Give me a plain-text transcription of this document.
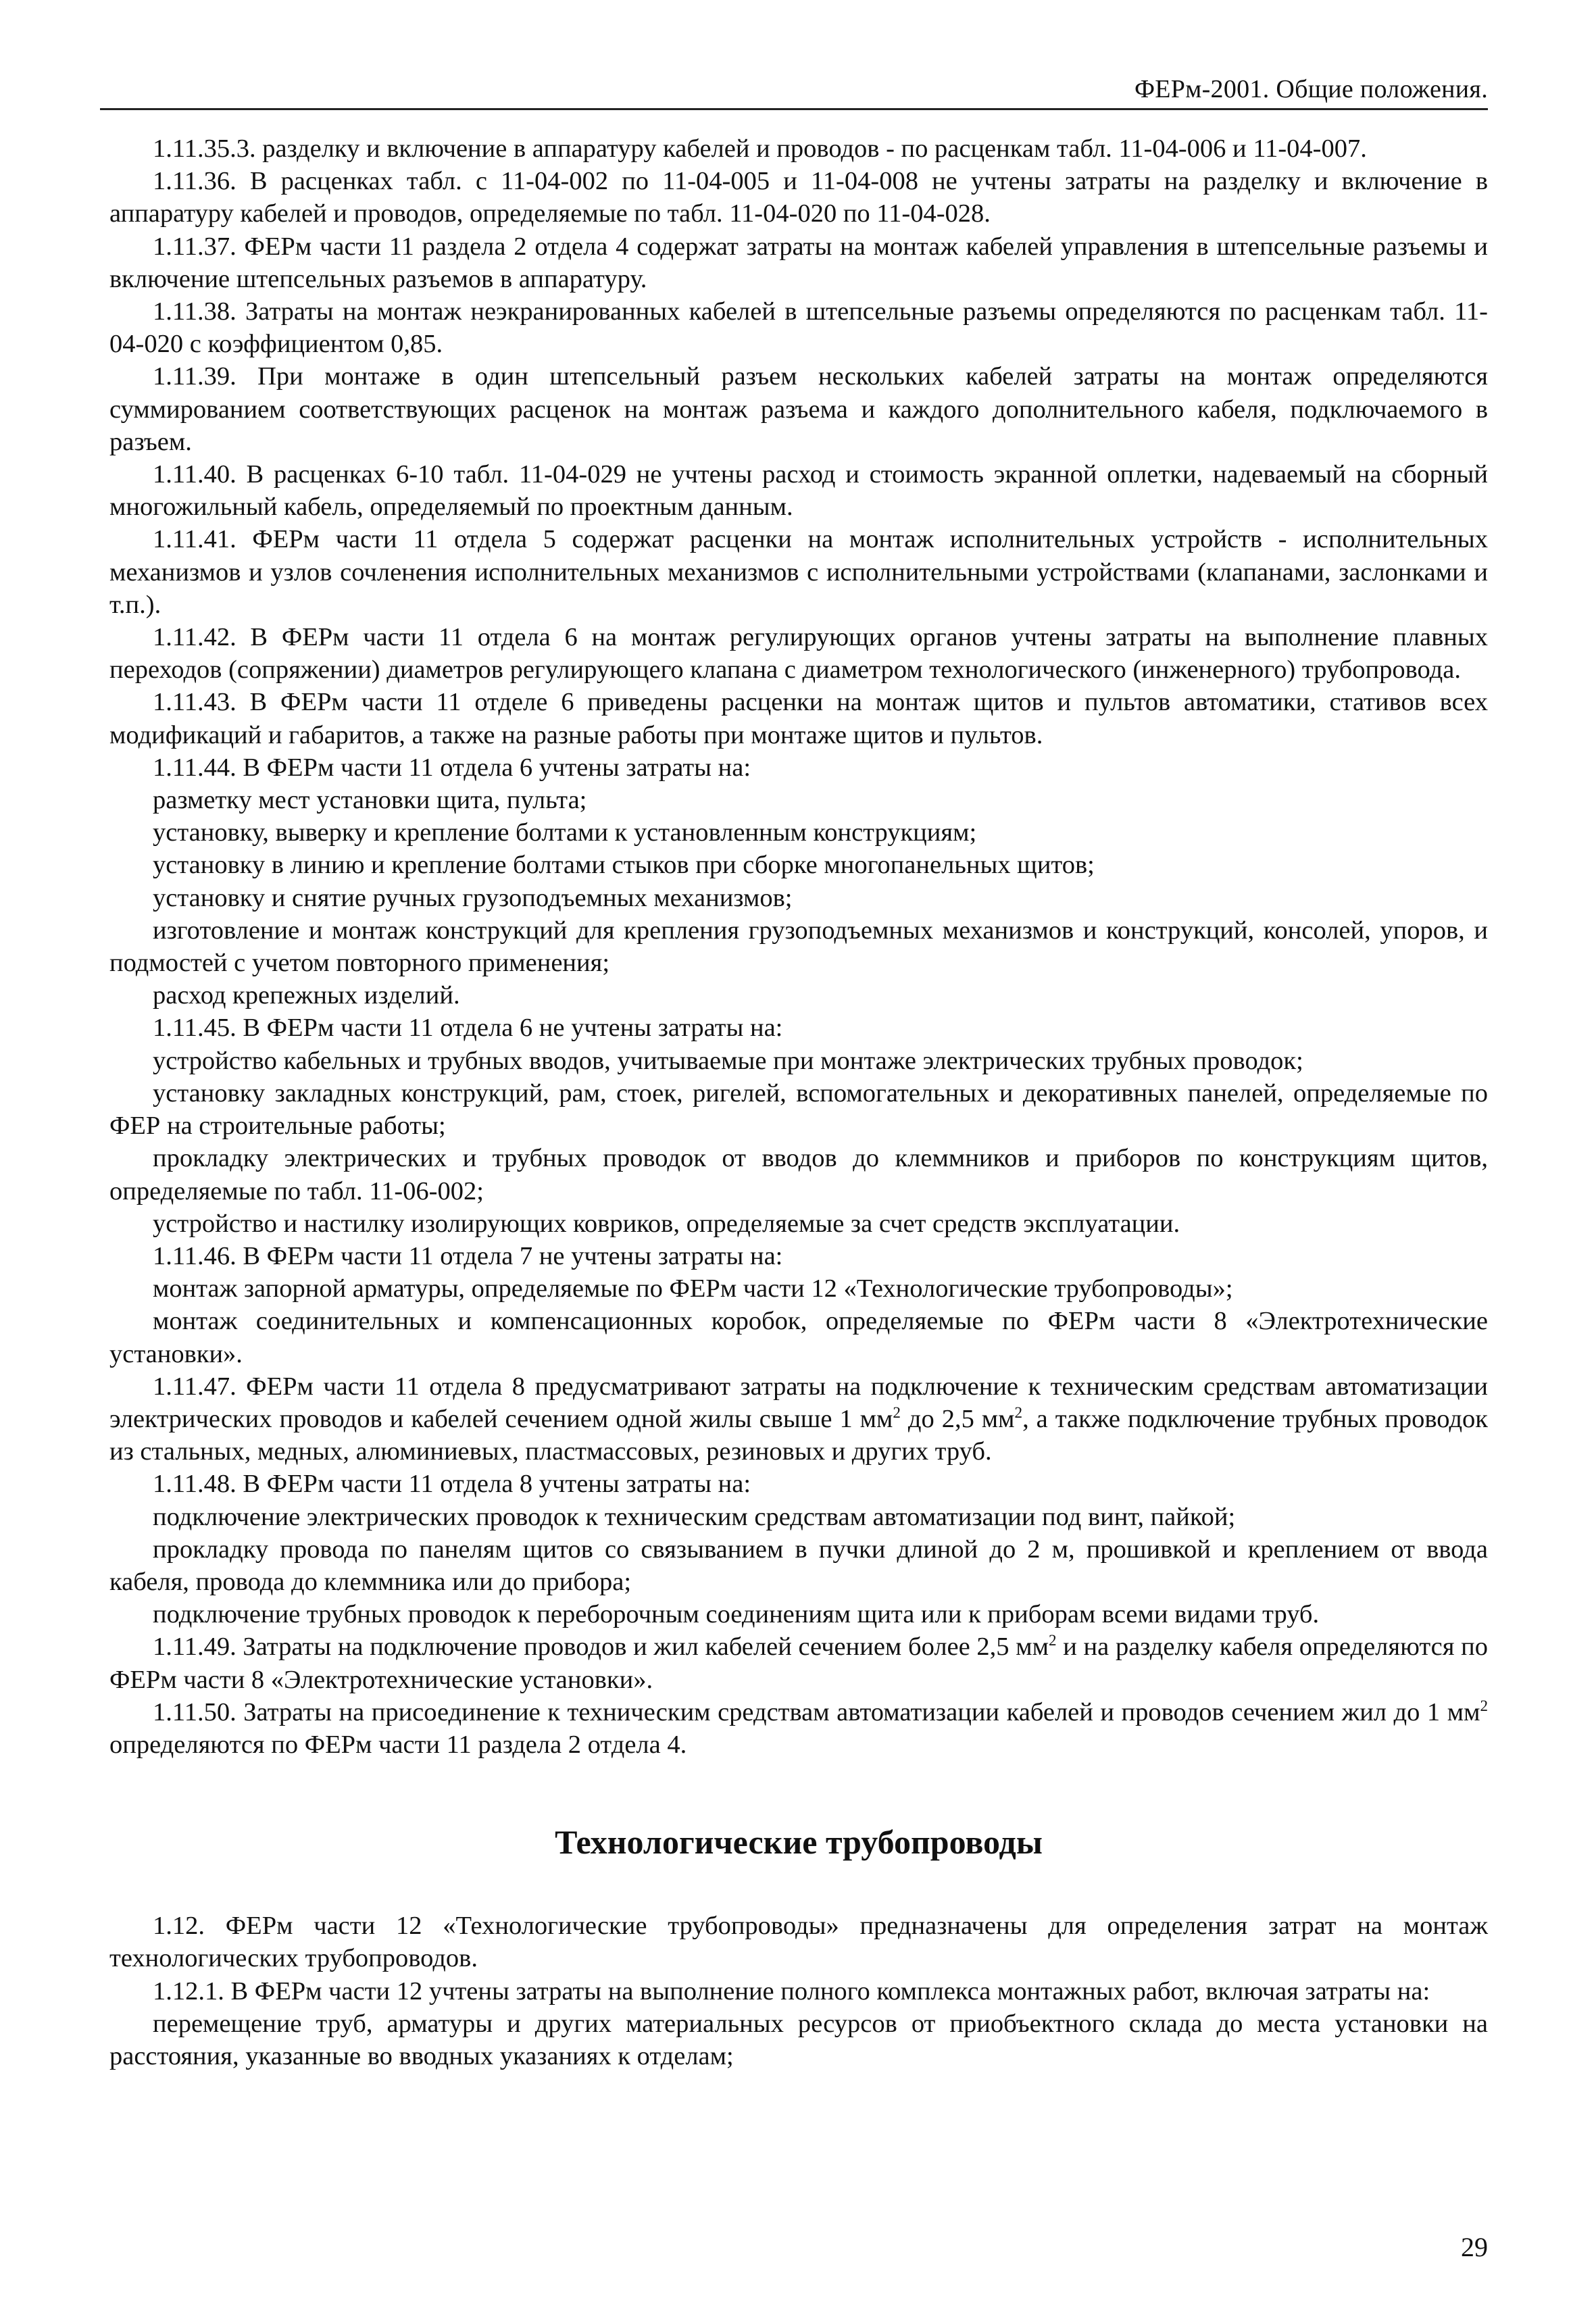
ФЕРм-2001. Общие положения.

1.11.35.3. разделку и включение в аппаратуру кабелей и проводов - по расценкам табл. 11-04-006 и 11-04-007.

1.11.36. В расценках табл. с 11-04-002 по 11-04-005 и 11-04-008 не учтены затраты на разделку и включение в аппаратуру кабелей и проводов, определяемые по табл. 11-04-020 по 11-04-028.

1.11.37. ФЕРм части 11 раздела 2 отдела 4 содержат затраты на монтаж кабелей управления в штепсельные разъемы и включение штепсельных разъемов в аппаратуру.

1.11.38. Затраты на монтаж неэкранированных кабелей в штепсельные разъемы определяются по расценкам табл. 11-04-020 с коэффициентом 0,85.

1.11.39. При монтаже в один штепсельный разъем нескольких кабелей затраты на монтаж определяются суммированием соответствующих расценок на монтаж разъема и каждого дополнительного кабеля, подключаемого в разъем.

1.11.40. В расценках 6-10 табл. 11-04-029 не учтены расход и стоимость экранной оплетки, надеваемый на сборный многожильный кабель, определяемый по проектным данным.

1.11.41. ФЕРм части 11 отдела 5 содержат расценки на монтаж исполнительных устройств - исполнительных механизмов и узлов сочленения исполнительных механизмов с исполнительными устройствами (клапанами, заслонками и т.п.).

1.11.42. В ФЕРм части 11 отдела 6 на монтаж регулирующих органов учтены затраты на выполнение плавных переходов (сопряжении) диаметров регулирующего клапана с диаметром технологического (инженерного) трубопровода.

1.11.43. В ФЕРм части 11 отделе 6 приведены расценки на монтаж щитов и пультов автоматики, стативов всех модификаций и габаритов, а также на разные работы при монтаже щитов и пультов.

1.11.44. В ФЕРм части 11 отдела 6 учтены затраты на:

разметку мест установки щита, пульта;

установку, выверку и крепление болтами к установленным конструкциям;

установку в линию и крепление болтами стыков при сборке многопанельных щитов;

установку и снятие ручных грузоподъемных механизмов;

изготовление и монтаж конструкций для крепления грузоподъемных механизмов и конструкций, консолей, упоров, и подмостей с учетом повторного применения;

расход крепежных изделий.

1.11.45. В ФЕРм части 11 отдела 6 не учтены затраты на:

устройство кабельных и трубных вводов, учитываемые при монтаже электрических трубных проводок;

установку закладных конструкций, рам, стоек, ригелей, вспомогательных и декоративных панелей, определяемые по ФЕР на строительные работы;

прокладку электрических и трубных проводок от вводов до клеммников и приборов по конструкциям щитов, определяемые по табл. 11-06-002;

устройство и настилку изолирующих ковриков, определяемые за счет средств эксплуатации.

1.11.46. В ФЕРм части 11 отдела 7 не учтены затраты на:

монтаж запорной арматуры, определяемые по ФЕРм части 12 «Технологические трубопроводы»;

монтаж соединительных и компенсационных коробок, определяемые по ФЕРм части 8 «Электротехнические установки».

1.11.47. ФЕРм части 11 отдела 8 предусматривают затраты на подключение к техническим средствам автоматизации электрических проводов и кабелей сечением одной жилы свыше 1 $мм^2$ до 2,5 $мм^2$, а также подключение трубных проводок из стальных, медных, алюминиевых, пластмассовых, резиновых и других труб.

1.11.48. В ФЕРм части 11 отдела 8 учтены затраты на:

подключение электрических проводок к техническим средствам автоматизации под винт, пайкой;

прокладку провода по панелям щитов со связыванием в пучки длиной до 2 м, прошивкой и креплением от ввода кабеля, провода до клеммника или до прибора;

подключение трубных проводок к переборочным соединениям щита или к приборам всеми видами труб.

1.11.49. Затраты на подключение проводов и жил кабелей сечением более 2,5 $мм^2$ и на разделку кабеля определяются по ФЕРм части 8 «Электротехнические установки».

1.11.50. Затраты на присоединение к техническим средствам автоматизации кабелей и проводов сечением жил до 1 $мм^2$ определяются по ФЕРм части 11 раздела 2 отдела 4.

Технологические трубопроводы

1.12. ФЕРм части 12 «Технологические трубопроводы» предназначены для определения затрат на монтаж технологических трубопроводов.

1.12.1. В ФЕРм части 12 учтены затраты на выполнение полного комплекса монтажных работ, включая затраты на:

перемещение труб, арматуры и других материальных ресурсов от приобъектного склада до места установки на расстояния, указанные во вводных указаниях к отделам;

29
